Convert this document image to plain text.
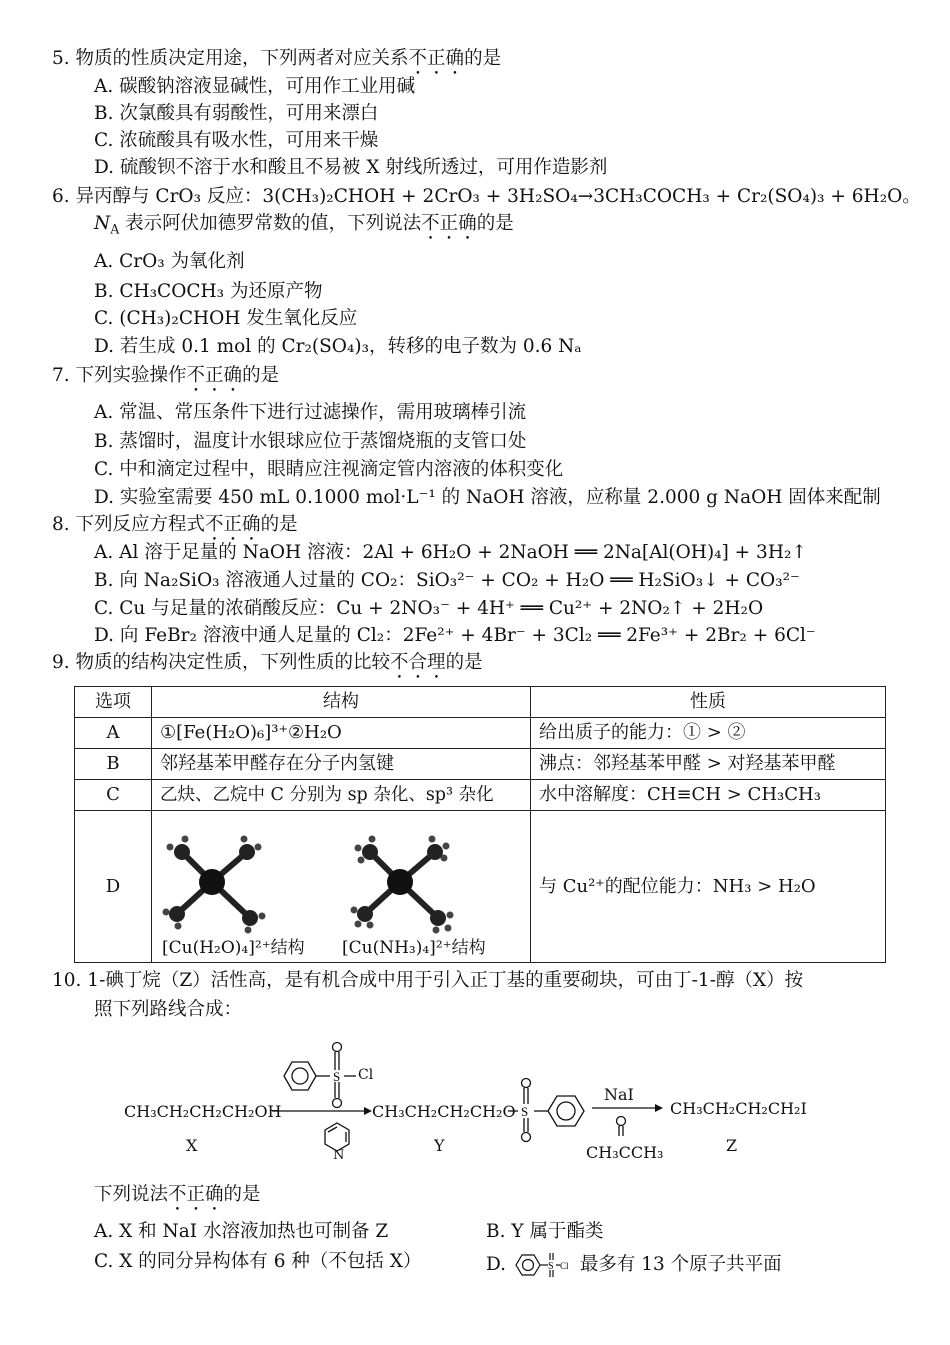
5. 物质的性质决定用途，下列两者对应关系不正确的是
A. 碳酸钠溶液显碱性，可用作工业用碱
B. 次氯酸具有弱酸性，可用来漂白
C. 浓硫酸具有吸水性，可用来干燥
D. 硫酸钡不溶于水和酸且不易被 X 射线所透过，可用作造影剂
6. 异丙醇与 CrO₃ 反应：3(CH₃)₂CHOH + 2CrO₃ + 3H₂SO₄→3CH₃COCH₃ + Cr₂(SO₄)₃ + 6H₂O。
$N_A$ 表示阿伏加德罗常数的值，下列说法不正确的是
A. CrO₃ 为氧化剂
B. CH₃COCH₃ 为还原产物
C. (CH₃)₂CHOH 发生氧化反应
D. 若生成 0.1 mol 的 Cr₂(SO₄)₃，转移的电子数为 0.6 Nₐ
7. 下列实验操作不正确的是
A. 常温、常压条件下进行过滤操作，需用玻璃棒引流
B. 蒸馏时，温度计水银球应位于蒸馏烧瓶的支管口处
C. 中和滴定过程中，眼睛应注视滴定管内溶液的体积变化
D. 实验室需要 450 mL 0.1000 mol·L⁻¹ 的 NaOH 溶液，应称量 2.000 g NaOH 固体来配制
8. 下列反应方程式不正确的是
A. Al 溶于足量的 NaOH 溶液：2Al + 6H₂O + 2NaOH ══ 2Na[Al(OH)₄] + 3H₂↑
B. 向 Na₂SiO₃ 溶液通人过量的 CO₂：SiO₃²⁻ + CO₂ + H₂O ══ H₂SiO₃↓ + CO₃²⁻
C. Cu 与足量的浓硝酸反应：Cu + 2NO₃⁻ + 4H⁺ ══ Cu²⁺ + 2NO₂↑ + 2H₂O
D. 向 FeBr₂ 溶液中通人足量的 Cl₂：2Fe²⁺ + 4Br⁻ + 3Cl₂ ══ 2Fe³⁺ + 2Br₂ + 6Cl⁻
9. 物质的结构决定性质，下列性质的比较不合理的是
选项	结构	性质
A	①[Fe(H₂O)₆]³⁺②H₂O	给出质子的能力：① > ②
B	邻羟基苯甲醛存在分子内氢键	沸点：邻羟基苯甲醛 > 对羟基苯甲醛
C	乙炔、乙烷中 C 分别为 sp 杂化、sp³ 杂化	水中溶解度：CH≡CH > CH₃CH₃
D	[Cu(H₂O)₄]²⁺结构 [Cu(NH₃)₄]²⁺结构	与 Cu²⁺的配位能力：NH₃ > H₂O
10. 1-碘丁烷（Z）活性高，是有机合成中用于引入正丁基的重要砌块，可由丁-1-醇（X）按
照下列路线合成：
S
S
CH₃CH₂CH₂CH₂OH	CH₃CH₂CH₂CH₂O	CH₃CH₂CH₂CH₂I
Cl
N
NaI
CH₃CCH₃
X	Y	Z
下列说法不正确的是
A. X 和 NaI 水溶液加热也可制备 Z	B. Y 属于酯类
C. X 的同分异构体有 6 种（不包括 X）	D.	S Cl 最多有 13 个原子共平面
